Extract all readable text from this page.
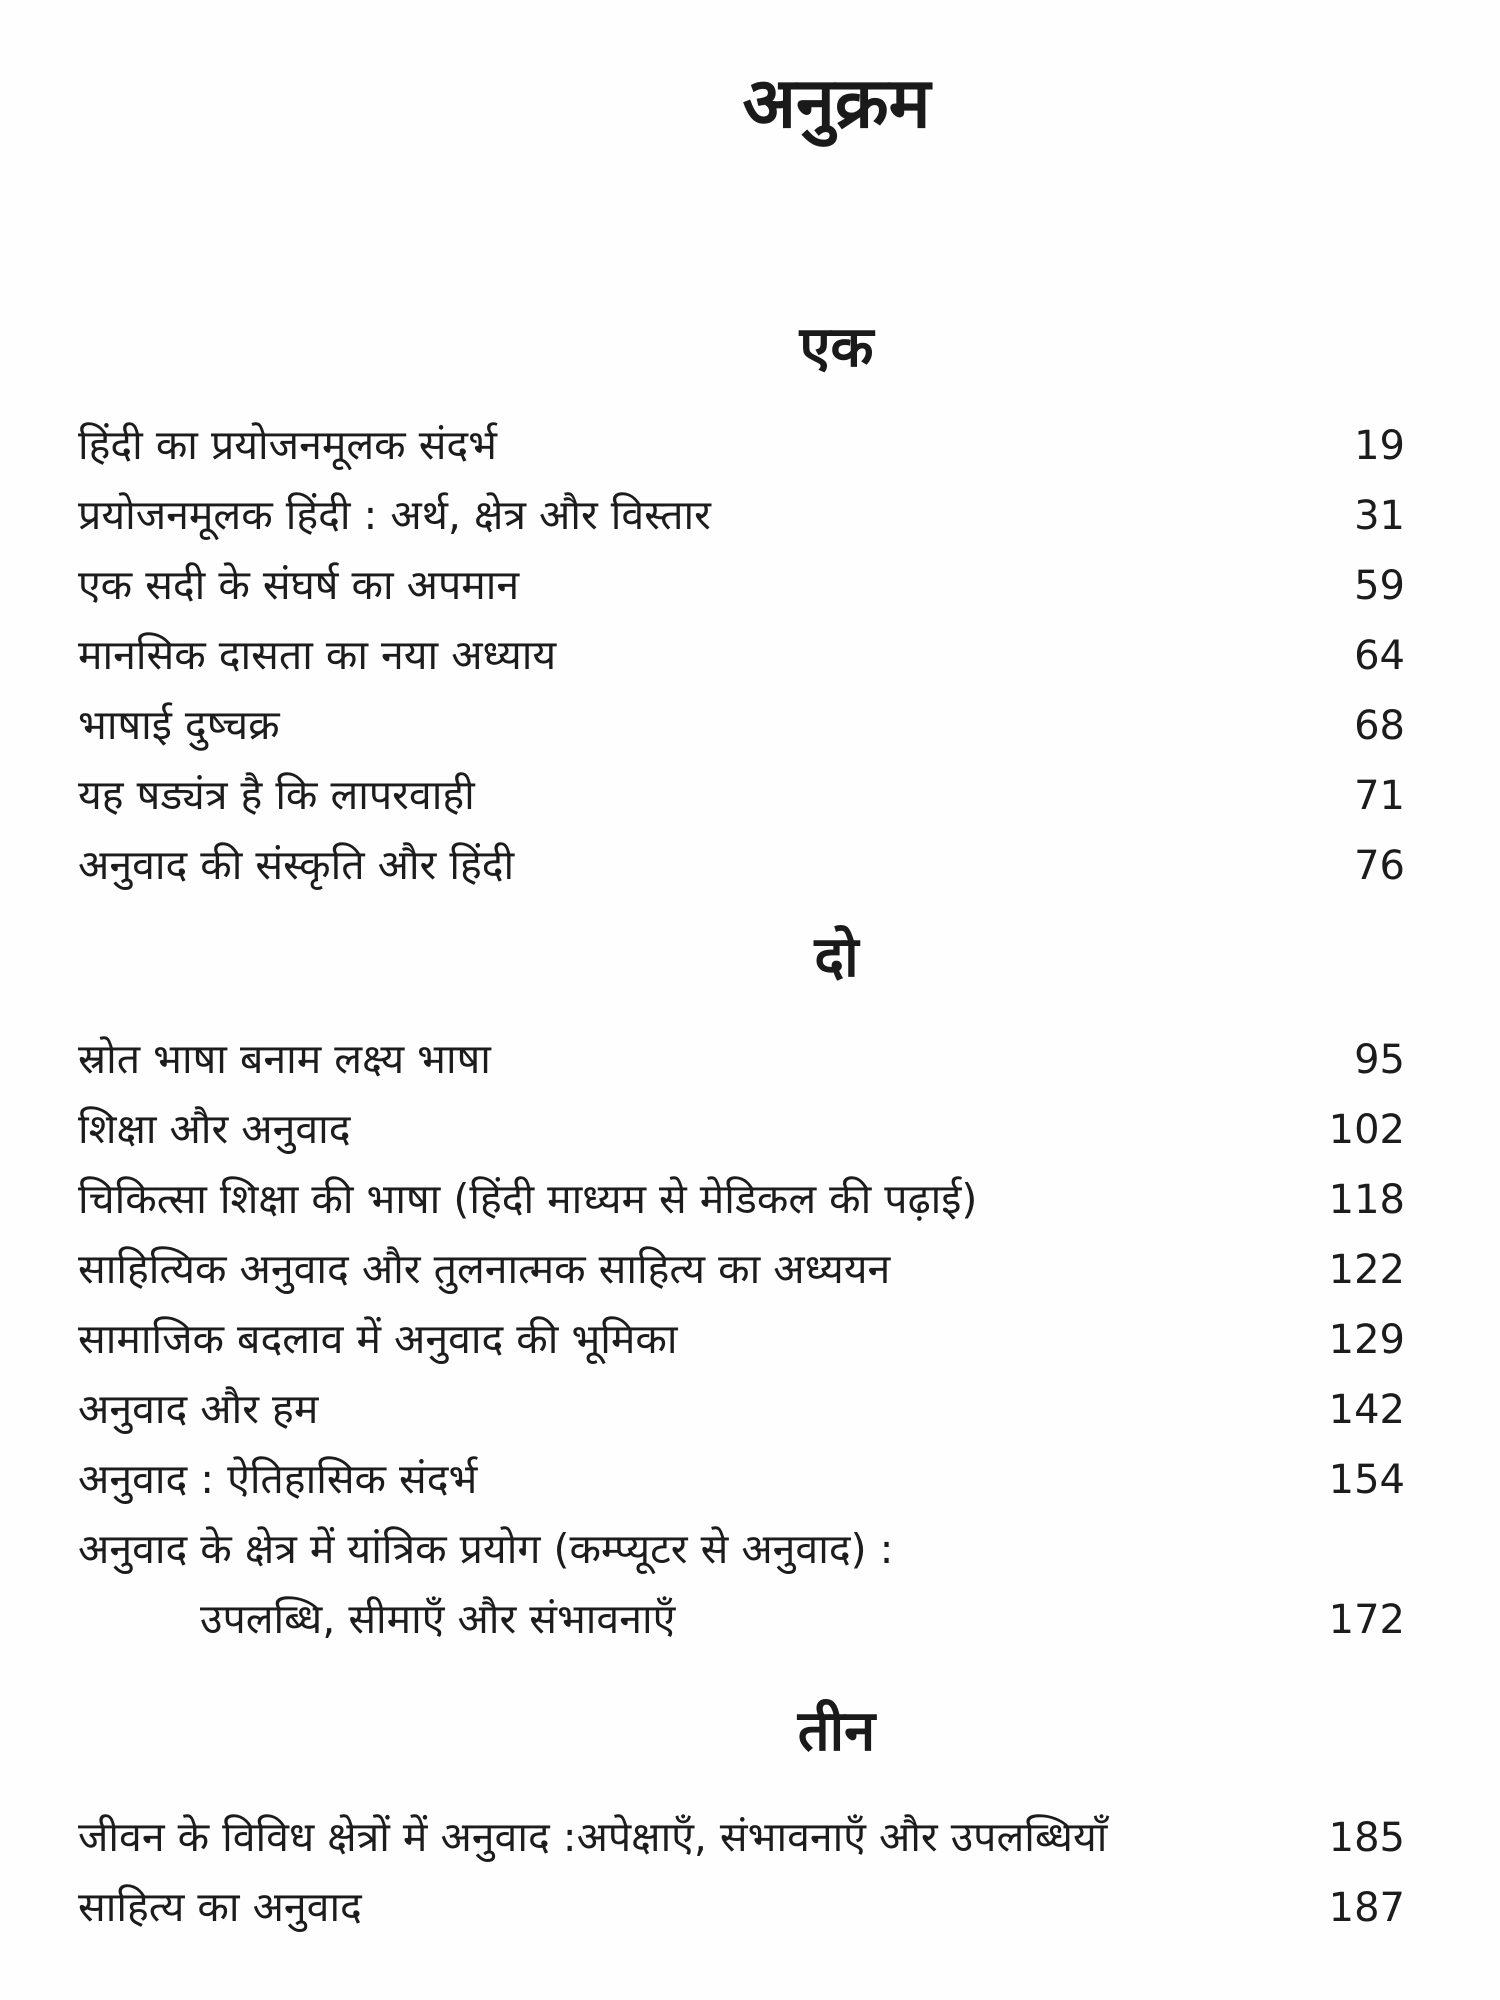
अनुक्रम
एक
हिंदी का प्रयोजनमूलक संदर्भ	19
प्रयोजनमूलक हिंदी : अर्थ, क्षेत्र और विस्तार	31
एक सदी के संघर्ष का अपमान	59
मानसिक दासता का नया अध्याय	64
भाषाई दुष्चक्र	68
यह षड्यंत्र है कि लापरवाही	71
अनुवाद की संस्कृति और हिंदी	76
दो
स्रोत भाषा बनाम लक्ष्य भाषा	95
शिक्षा और अनुवाद	102
चिकित्सा शिक्षा की भाषा (हिंदी माध्यम से मेडिकल की पढ़ाई)	118
साहित्यिक अनुवाद और तुलनात्मक साहित्य का अध्ययन	122
सामाजिक बदलाव में अनुवाद की भूमिका	129
अनुवाद और हम	142
अनुवाद : ऐतिहासिक संदर्भ	154
अनुवाद के क्षेत्र में यांत्रिक प्रयोग (कम्प्यूटर से अनुवाद) :
उपलब्धि, सीमाएँ और संभावनाएँ	172
तीन
जीवन के विविध क्षेत्रों में अनुवाद :अपेक्षाएँ, संभावनाएँ और उपलब्धियाँ	185
साहित्य का अनुवाद	187
